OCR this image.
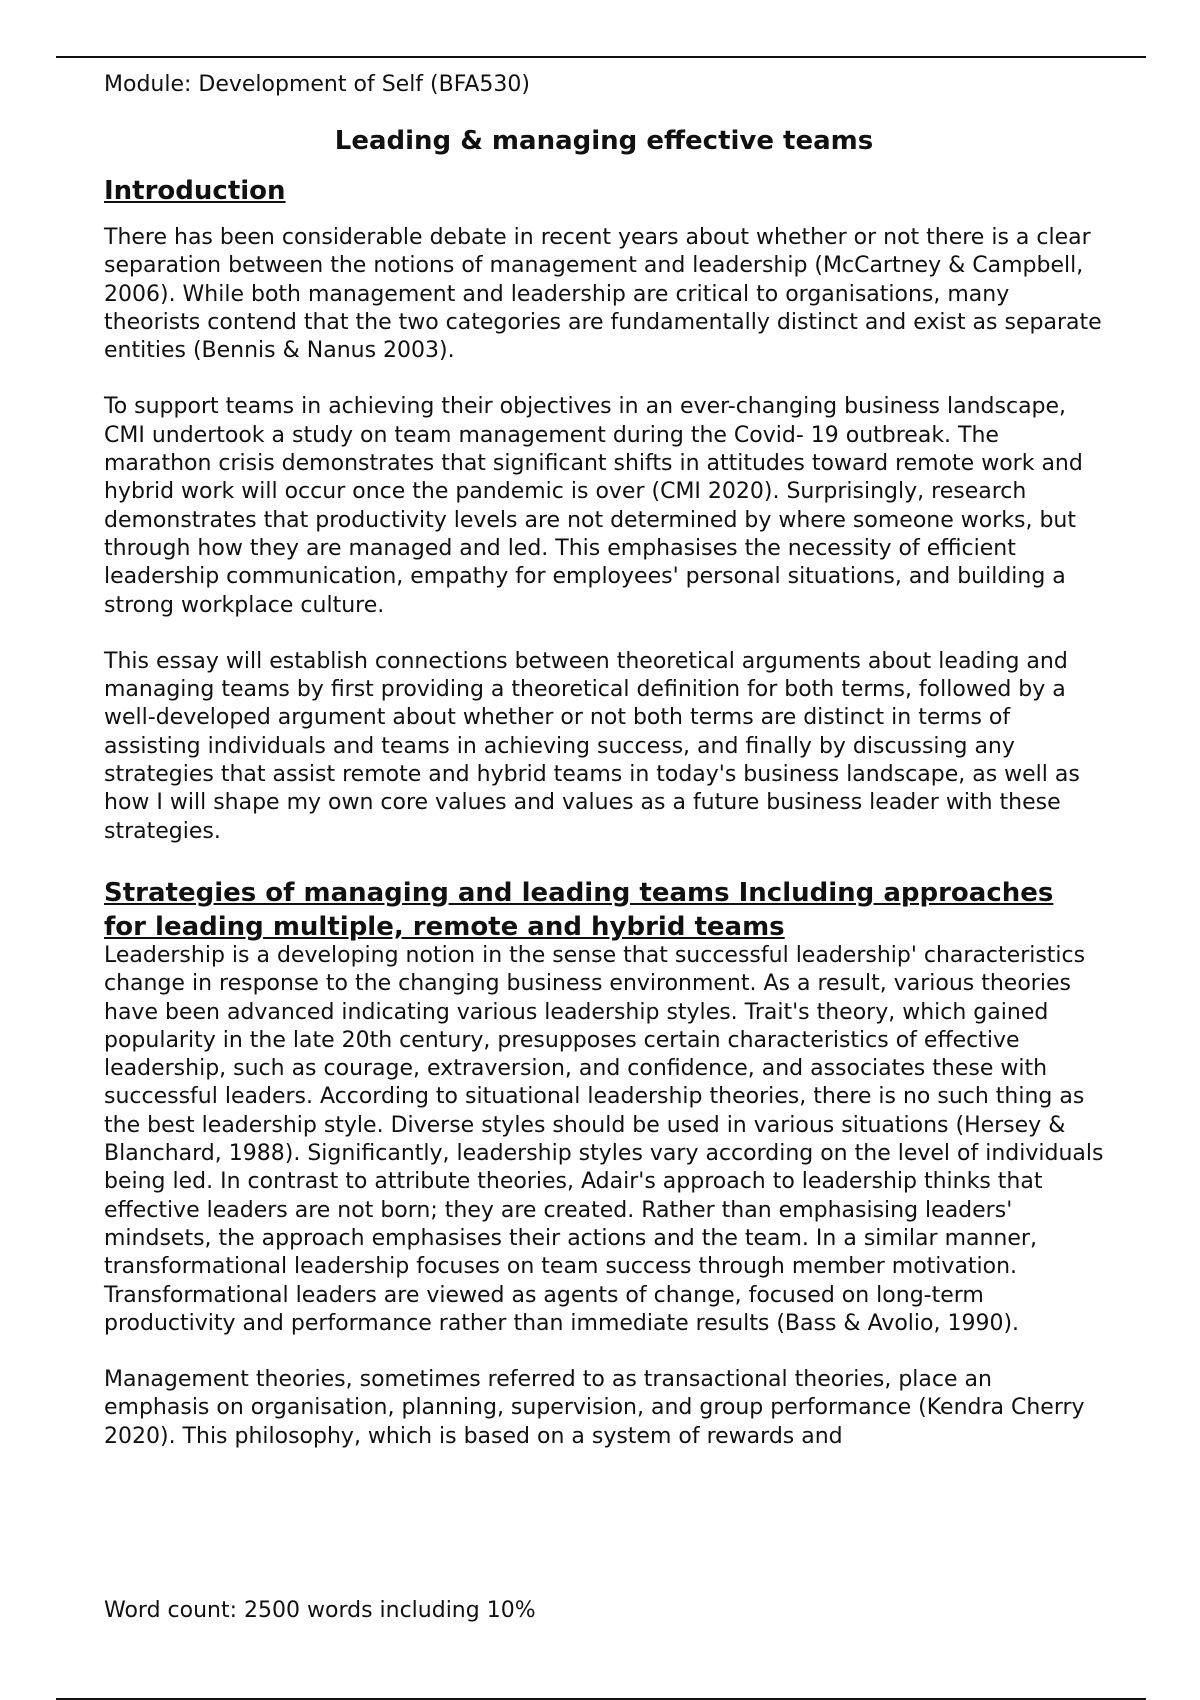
Module: Development of Self (BFA530)

Leading & managing effective teams
Introduction

There has been considerable debate in recent years about whether or not there is a clear separation between the notions of management and leadership (McCartney & Campbell, 2006). While both management and leadership are critical to organisations, many theorists contend that the two categories are fundamentally distinct and exist as separate entities (Bennis & Nanus 2003).

To support teams in achieving their objectives in an ever-changing business landscape, CMI undertook a study on team management during the Covid- 19 outbreak. The marathon crisis demonstrates that significant shifts in attitudes toward remote work and hybrid work will occur once the pandemic is over (CMI 2020). Surprisingly, research demonstrates that productivity levels are not determined by where someone works, but through how they are managed and led. This emphasises the necessity of efficient leadership communication, empathy for employees' personal situations, and building a strong workplace culture.

This essay will establish connections between theoretical arguments about leading and managing teams by first providing a theoretical definition for both terms, followed by a well-developed argument about whether or not both terms are distinct in terms of assisting individuals and teams in achieving success, and finally by discussing any strategies that assist remote and hybrid teams in today's business landscape, as well as how I will shape my own core values and values as a future business leader with these strategies.

Strategies of managing and leading teams Including approaches for leading multiple, remote and hybrid teams

Leadership is a developing notion in the sense that successful leadership' characteristics change in response to the changing business environment. As a result, various theories have been advanced indicating various leadership styles. Trait's theory, which gained popularity in the late 20th century, presupposes certain characteristics of effective leadership, such as courage, extraversion, and confidence, and associates these with successful leaders. According to situational leadership theories, there is no such thing as the best leadership style. Diverse styles should be used in various situations (Hersey & Blanchard, 1988). Significantly, leadership styles vary according on the level of individuals being led. In contrast to attribute theories, Adair's approach to leadership thinks that effective leaders are not born; they are created. Rather than emphasising leaders' mindsets, the approach emphasises their actions and the team. In a similar manner, transformational leadership focuses on team success through member motivation. Transformational leaders are viewed as agents of change, focused on long-term productivity and performance rather than immediate results (Bass & Avolio, 1990).

Management theories, sometimes referred to as transactional theories, place an emphasis on organisation, planning, supervision, and group performance (Kendra Cherry 2020). This philosophy, which is based on a system of rewards and

Word count: 2500 words including 10%
